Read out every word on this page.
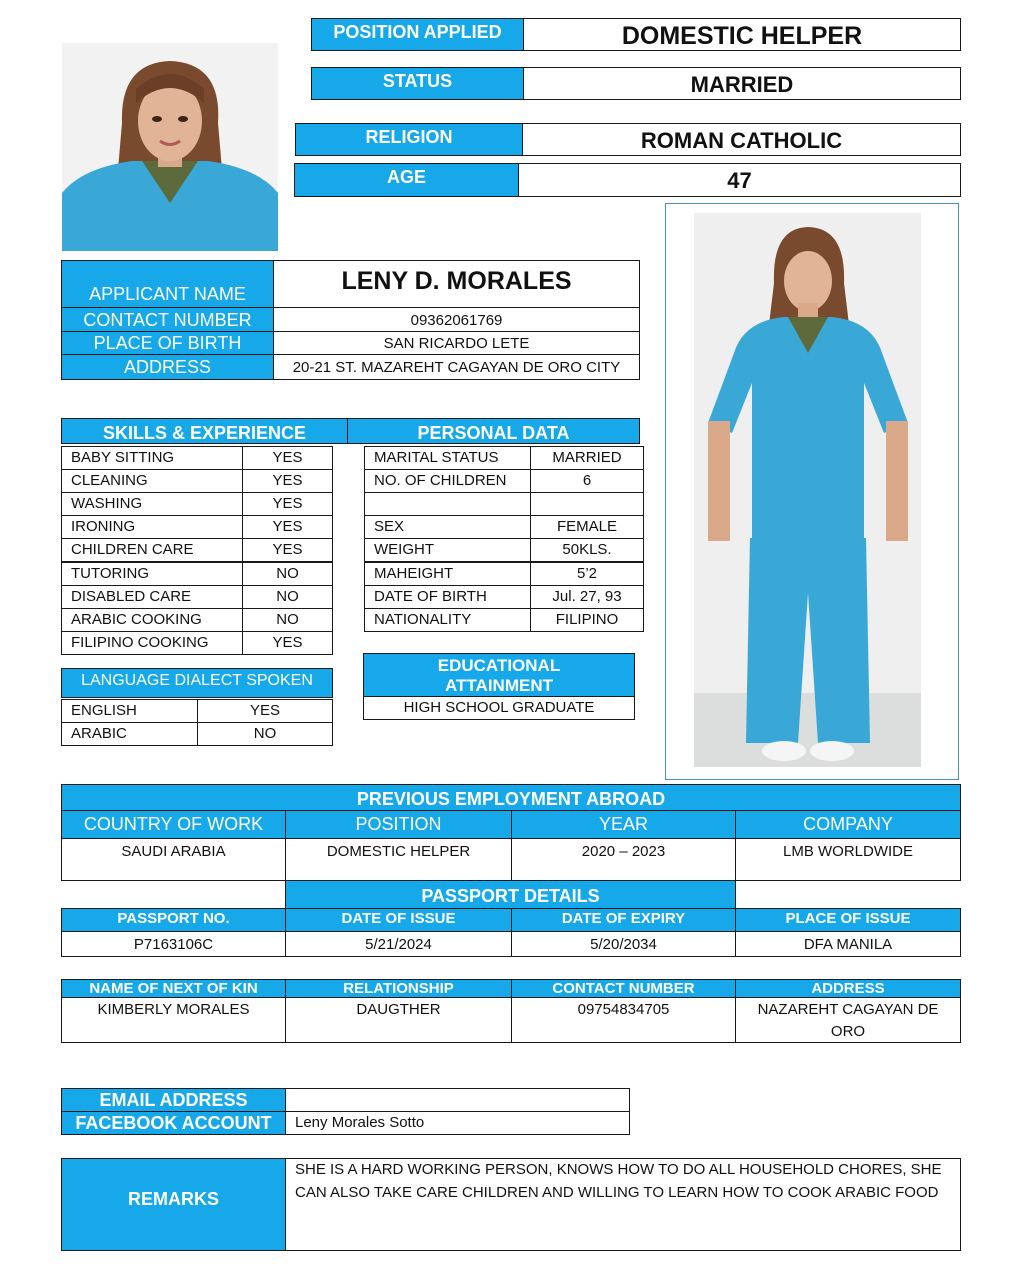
POSITION APPLIED	DOMESTIC HELPER
STATUS	MARRIED
RELIGION	ROMAN CATHOLIC
AGE	47
APPLICANT NAME	LENY D. MORALES
CONTACT NUMBER	09362061769
PLACE OF BIRTH	SAN RICARDO LETE
ADDRESS	20-21 ST. MAZAREHT CAGAYAN DE ORO CITY
SKILLS & EXPERIENCE	PERSONAL DATA
BABY SITTING	YES
CLEANING	YES
WASHING	YES
IRONING	YES
CHILDREN CARE	YES
TUTORING	NO
DISABLED CARE	NO
ARABIC COOKING	NO
FILIPINO COOKING	YES
MARITAL STATUS	MARRIED
NO. OF CHILDREN	6
SEX	FEMALE
WEIGHT	50KLS.
MAHEIGHT	5’2
DATE OF BIRTH	Jul. 27, 93
NATIONALITY	FILIPINO
LANGUAGE DIALECT SPOKEN
ENGLISH	YES
ARABIC	NO
EDUCATIONAL
ATTAINMENT
HIGH SCHOOL GRADUATE
PREVIOUS EMPLOYMENT ABROAD
COUNTRY OF WORK	POSITION	YEAR	COMPANY
SAUDI ARABIA	DOMESTIC HELPER	2020 – 2023	LMB WORLDWIDE
PASSPORT DETAILS
PASSPORT NO.	DATE OF ISSUE	DATE OF EXPIRY	PLACE OF ISSUE
P7163106C	5/21/2024	5/20/2034	DFA MANILA
NAME OF NEXT OF KIN	RELATIONSHIP	CONTACT NUMBER	ADDRESS
KIMBERLY MORALES	DAUGTHER	09754834705	NAZAREHT CAGAYAN DE ORO
EMAIL ADDRESS
FACEBOOK ACCOUNT	Leny Morales Sotto
REMARKS
SHE IS A HARD WORKING PERSON, KNOWS HOW TO DO ALL HOUSEHOLD CHORES, SHE CAN ALSO TAKE CARE CHILDREN AND WILLING TO LEARN HOW TO COOK ARABIC FOOD
